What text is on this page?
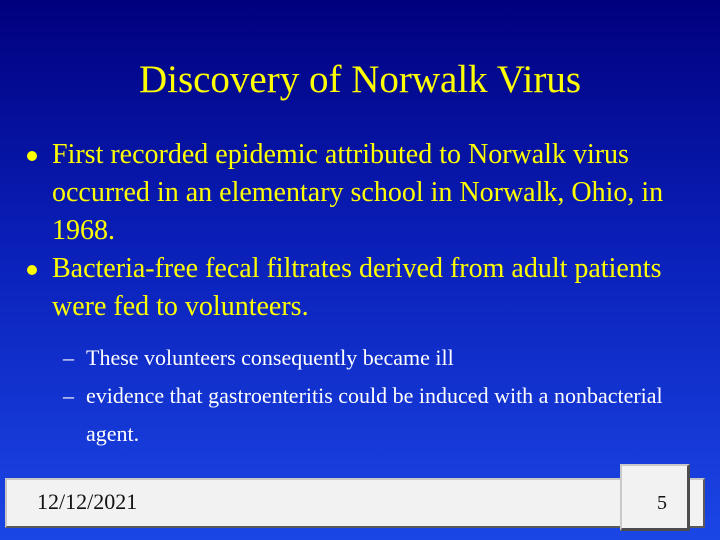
Discovery of Norwalk Virus
First recorded epidemic attributed to Norwalk virus occurred in an elementary school in Norwalk, Ohio, in 1968.
Bacteria-free fecal filtrates derived from adult patients were fed to volunteers.
– These volunteers consequently became ill
– evidence that gastroenteritis could be induced with a nonbacterial agent.
12/12/2021	5
